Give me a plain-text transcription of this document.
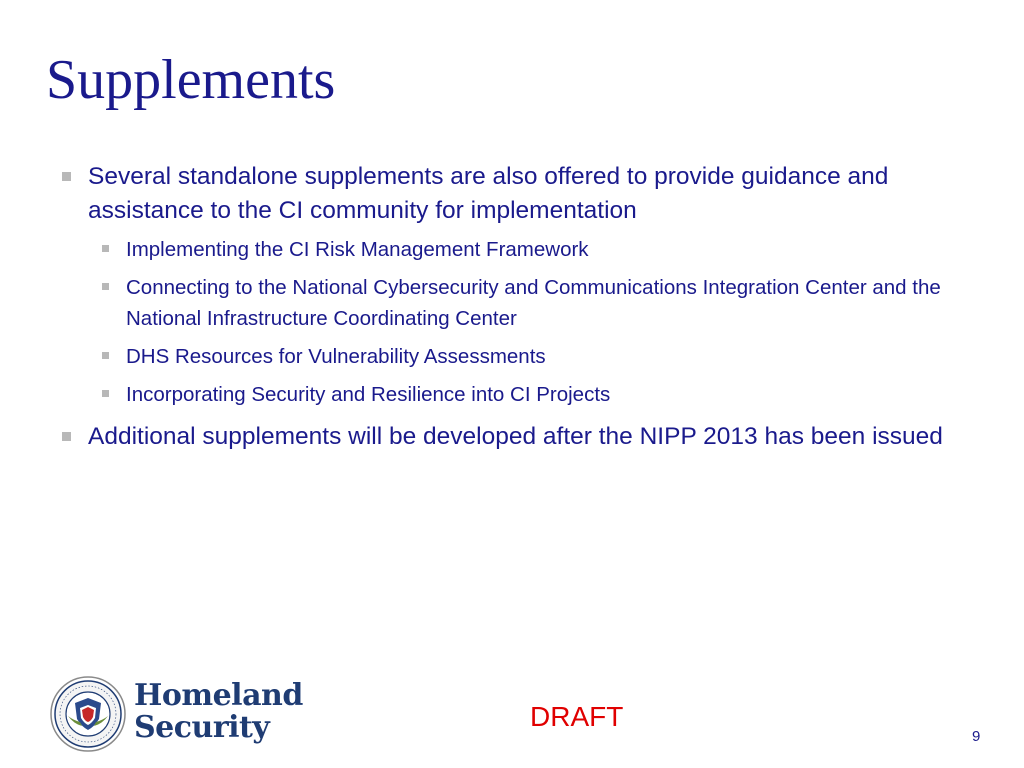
Supplements
Several standalone supplements are also offered to provide guidance and assistance to the CI community for implementation
Implementing the CI Risk Management Framework
Connecting to the National Cybersecurity and Communications Integration Center and the National Infrastructure Coordinating Center
DHS Resources for Vulnerability Assessments
Incorporating Security and Resilience into CI Projects
Additional supplements will be developed after the NIPP 2013 has been issued
Homeland
Security	DRAFT
9
